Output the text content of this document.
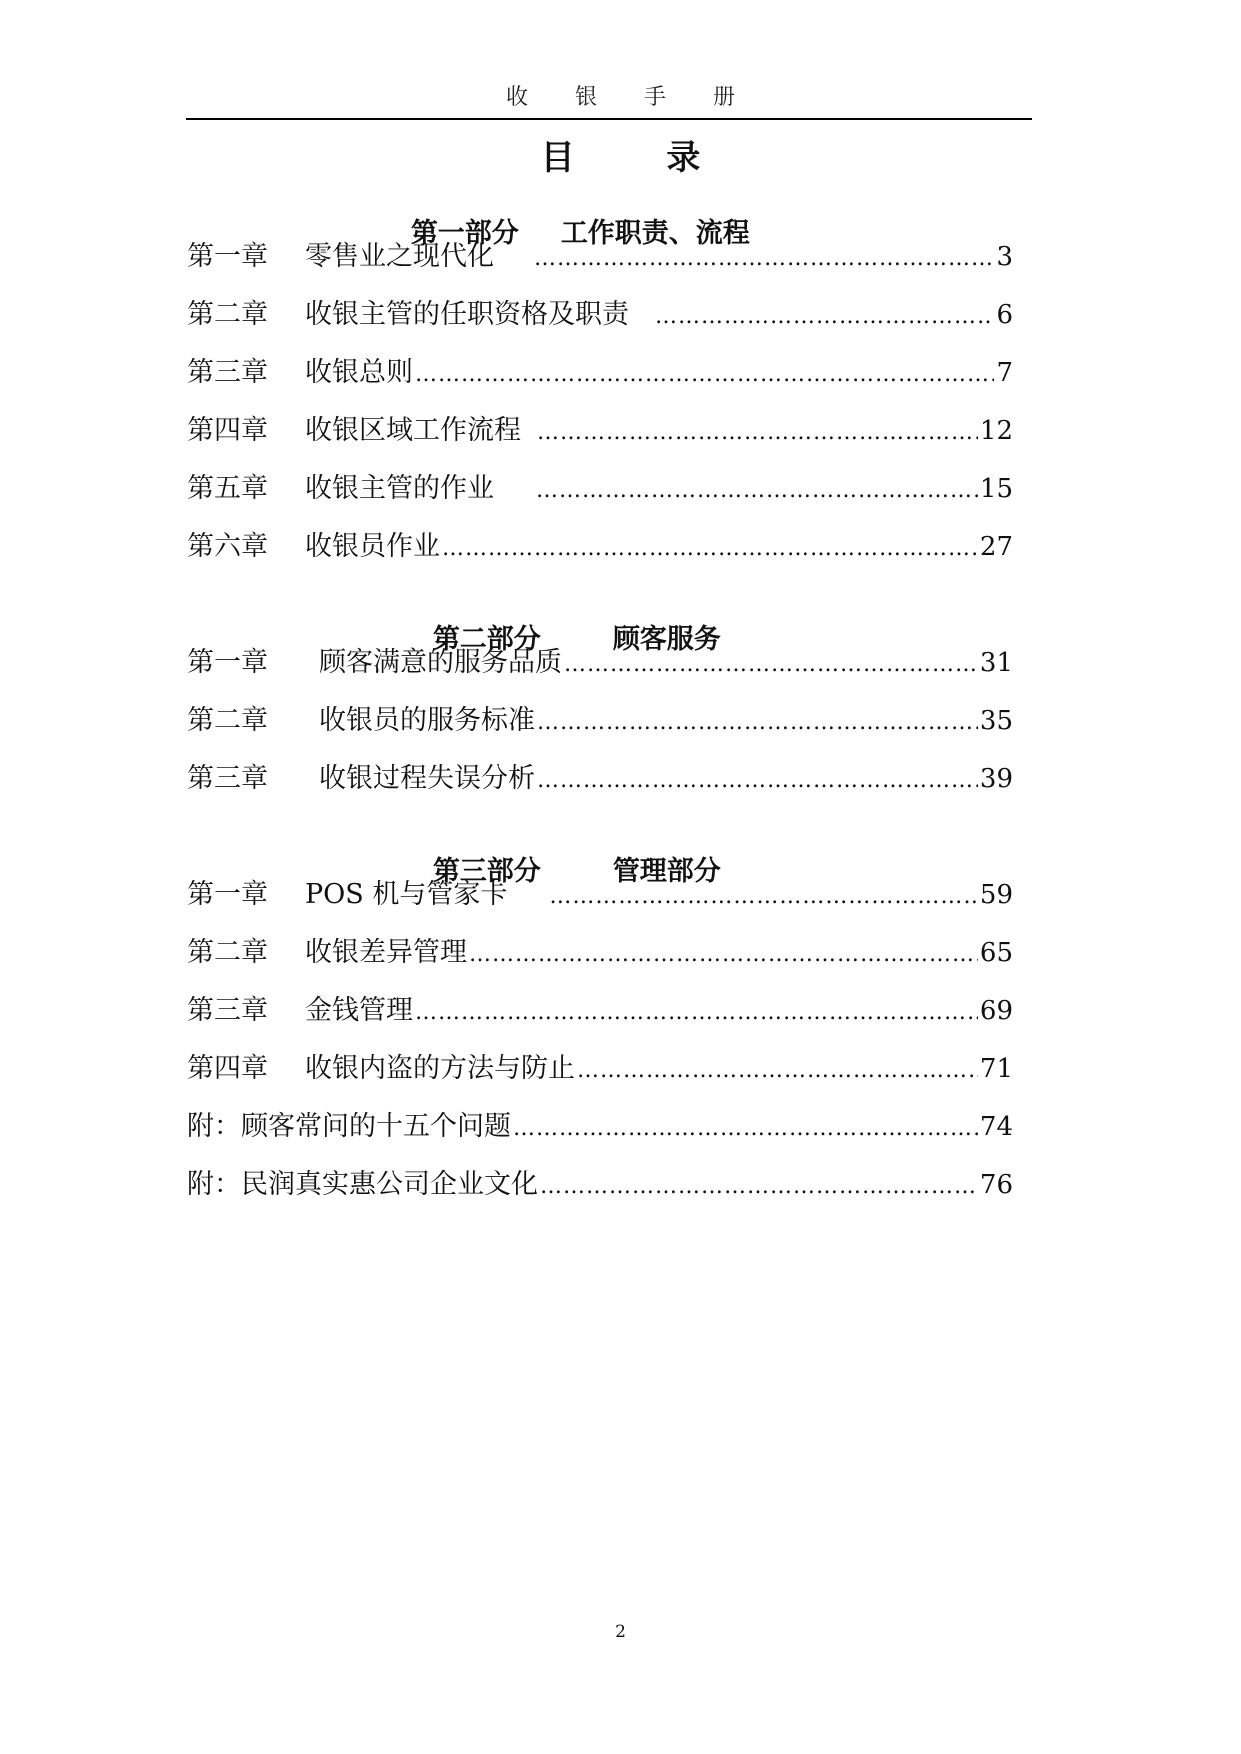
收 银 手 册
目 录

第一部分 工作职责、流程

第一章	零售业之现代化 ……………………………………………………………………………………………………………………………………	3
第二章	收银主管的任职资格及职责 ……………………………………………………………………………………………………………………………………	6
第三章	收银总则 ……………………………………………………………………………………………………………………………………	7
第四章	收银区域工作流程 ……………………………………………………………………………………………………………………………………	12
第五章	收银主管的作业 ……………………………………………………………………………………………………………………………………	15
第六章	收银员作业 ……………………………………………………………………………………………………………………………………	27

第二部分	顾客服务

第一章	顾客满意的服务品质 ……………………………………………………………………………………………………………………………………	31
第二章	收银员的服务标准 ……………………………………………………………………………………………………………………………………	35
第三章	收银过程失误分析 ……………………………………………………………………………………………………………………………………	39

第三部分	管理部分

第一章	POS 机与管家卡 ……………………………………………………………………………………………………………………………………	59
第二章	收银差异管理 ……………………………………………………………………………………………………………………………………	65
第三章	金钱管理 ……………………………………………………………………………………………………………………………………	69
第四章	收银内盗的方法与防止 ……………………………………………………………………………………………………………………………………	71
附： 顾客常问的十五个问题 ……………………………………………………………………………………………………………………………………	74
附： 民润真实惠公司企业文化 ……………………………………………………………………………………………………………………………………	76
2
